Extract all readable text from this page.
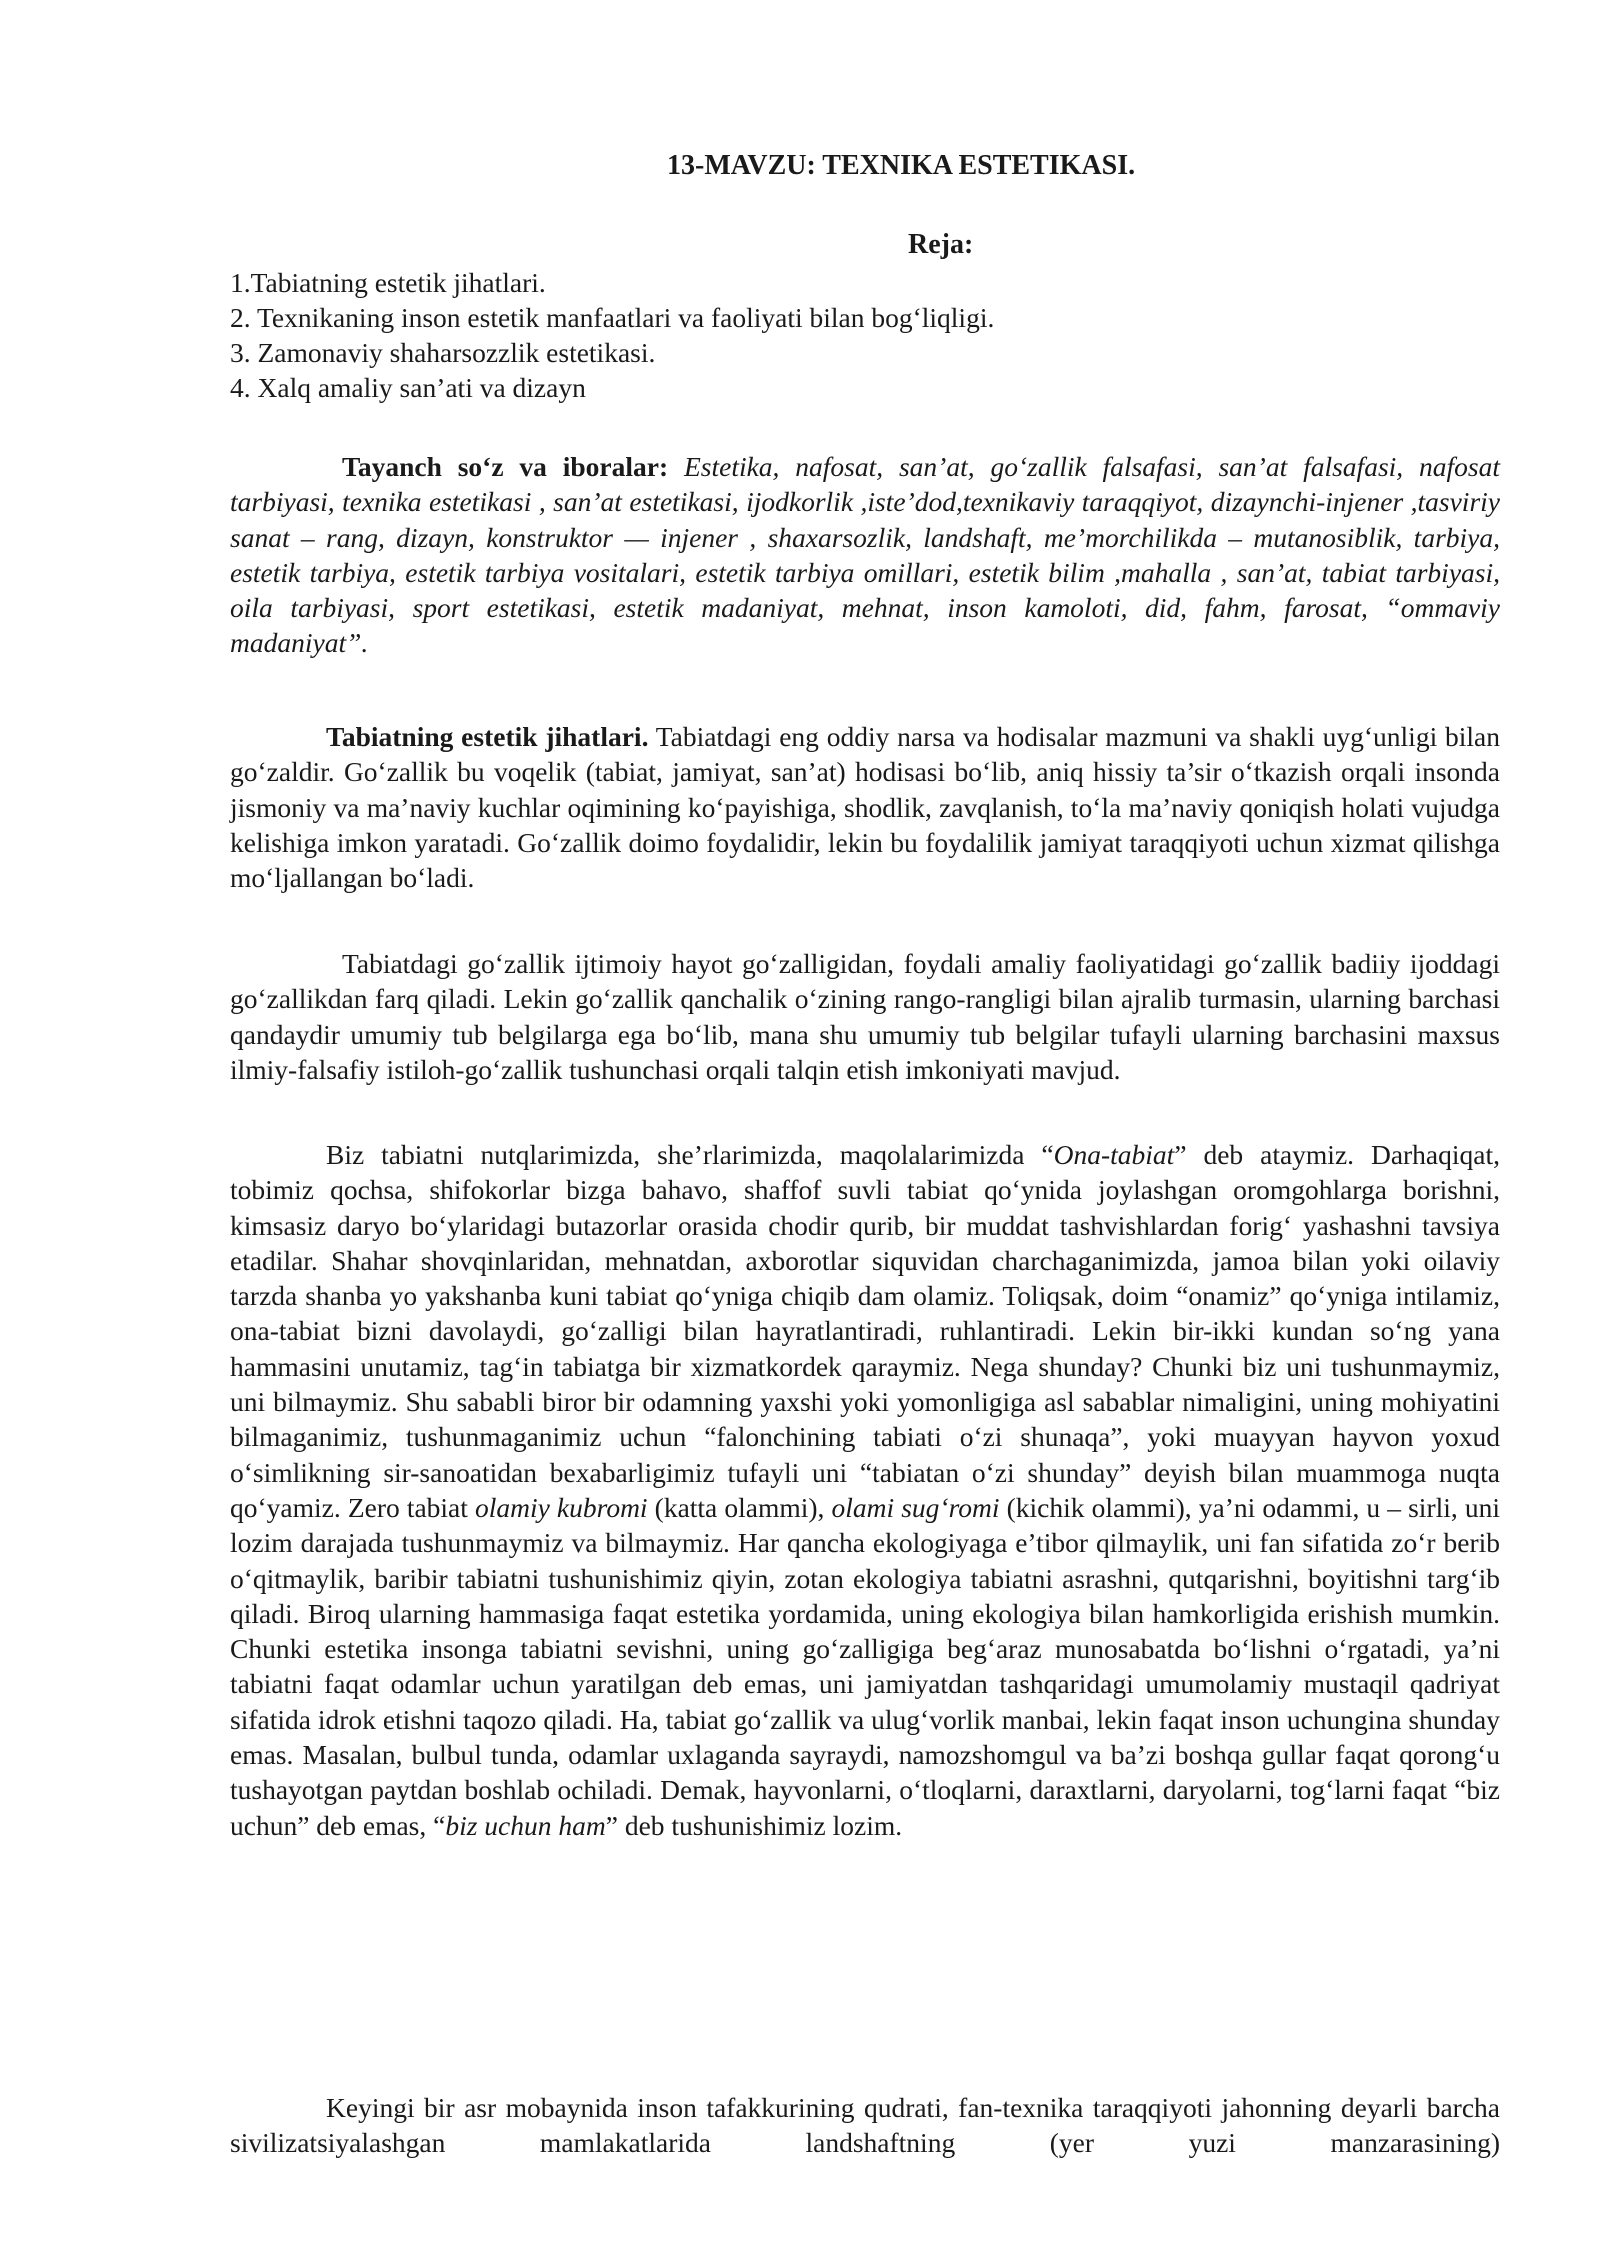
13-MAVZU: TEXNIKA ESTETIKASI.
Reja:
1.Tabiatning estetik jihatlari.
2. Texnikaning inson estetik manfaatlari va faoliyati bilan bog‘liqligi.
3. Zamonaviy shaharsozzlik estetikasi.
4. Xalq amaliy san’ati va dizayn
Tayanch so‘z va iboralar: Estetika, nafosat, san’at, go‘zallik falsafasi, san’at falsafasi, nafosat tarbiyasi, texnika estetikasi , san’at estetikasi, ijodkorlik ,iste’dod,texnikaviy taraqqiyot, dizaynchi-injener ,tasviriy sanat – rang, dizayn, konstruktor — injener , shaxarsozlik, landshaft, me’morchilikda – mutanosiblik, tarbiya, estetik tarbiya, estetik tarbiya vositalari, estetik tarbiya omillari, estetik bilim ,mahalla , san’at, tabiat tarbiyasi, oila tarbiyasi, sport estetikasi, estetik madaniyat, mehnat, inson kamoloti, did, fahm, farosat, “ommaviy madaniyat”.
Tabiatning estetik jihatlari. Tabiatdagi eng oddiy narsa va hodisalar mazmuni va shakli uyg‘unligi bilan go‘zaldir. Go‘zallik bu voqelik (tabiat, jamiyat, san’at) hodisasi bo‘lib, aniq hissiy ta’sir o‘tkazish orqali insonda jismoniy va ma’naviy kuchlar oqimining ko‘payishiga, shodlik, zavqlanish, to‘la ma’naviy qoniqish holati vujudga kelishiga imkon yaratadi. Go‘zallik doimo foydalidir, lekin bu foydalilik jamiyat taraqqiyoti uchun xizmat qilishga mo‘ljallangan bo‘ladi.
Tabiatdagi go‘zallik ijtimoiy hayot go‘zalligidan, foydali amaliy faoliyatidagi go‘zallik badiiy ijoddagi go‘zallikdan farq qiladi. Lekin go‘zallik qanchalik o‘zining rango-rangligi bilan ajralib turmasin, ularning barchasi qandaydir umumiy tub belgilarga ega bo‘lib, mana shu umumiy tub belgilar tufayli ularning barchasini maxsus ilmiy-falsafiy istiloh-go‘zallik tushunchasi orqali talqin etish imkoniyati mavjud.
Biz tabiatni nutqlarimizda, she’rlarimizda, maqolalarimizda “Ona-tabiat” deb ataymiz. Darhaqiqat, tobimiz qochsa, shifokorlar bizga bahavo, shaffof suvli tabiat qo‘ynida joylashgan oromgohlarga borishni, kimsasiz daryo bo‘ylaridagi butazorlar orasida chodir qurib, bir muddat tashvishlardan forig‘ yashashni tavsiya etadilar. Shahar shovqinlaridan, mehnatdan, axborotlar siquvidan charchaganimizda, jamoa bilan yoki oilaviy tarzda shanba yo yakshanba kuni tabiat qo‘yniga chiqib dam olamiz. Toliqsak, doim “onamiz” qo‘yniga intilamiz, ona-tabiat bizni davolaydi, go‘zalligi bilan hayratlantiradi, ruhlantiradi. Lekin bir-ikki kundan so‘ng yana hammasini unutamiz, tag‘in tabiatga bir xizmatkordek qaraymiz. Nega shunday? Chunki biz uni tushunmaymiz, uni bilmaymiz. Shu sababli biror bir odamning yaxshi yoki yomonligiga asl sabablar nimaligini, uning mohiyatini bilmaganimiz, tushunmaganimiz uchun “falonchining tabiati o‘zi shunaqa”, yoki muayyan hayvon yoxud o‘simlikning sir-sanoatidan bexabarligimiz tufayli uni “tabiatan o‘zi shunday” deyish bilan muammoga nuqta qo‘yamiz. Zero tabiat olamiy kubromi (katta olammi), olami sug‘romi (kichik olammi), ya’ni odammi, u – sirli, uni lozim darajada tushunmaymiz va bilmaymiz. Har qancha ekologiyaga e’tibor qilmaylik, uni fan sifatida zo‘r berib o‘qitmaylik, baribir tabiatni tushunishimiz qiyin, zotan ekologiya tabiatni asrashni, qutqarishni, boyitishni targ‘ib qiladi. Biroq ularning hammasiga faqat estetika yordamida, uning ekologiya bilan hamkorligida erishish mumkin. Chunki estetika insonga tabiatni sevishni, uning go‘zalligiga beg‘araz munosabatda bo‘lishni o‘rgatadi, ya’ni tabiatni faqat odamlar uchun yaratilgan deb emas, uni jamiyatdan tashqaridagi umumolamiy mustaqil qadriyat sifatida idrok etishni taqozo qiladi. Ha, tabiat go‘zallik va ulug‘vorlik manbai, lekin faqat inson uchungina shunday emas. Masalan, bulbul tunda, odamlar uxlaganda sayraydi, namozshomgul va ba’zi boshqa gullar faqat qorong‘u tushayotgan paytdan boshlab ochiladi. Demak, hayvonlarni, o‘tloqlarni, daraxtlarni, daryolarni, tog‘larni faqat “biz uchun” deb emas, “biz uchun ham” deb tushunishimiz lozim.
Keyingi bir asr mobaynida inson tafakkurining qudrati, fan-texnika taraqqiyoti jahonning deyarli barcha sivilizatsiyalashgan mamlakatlarida landshaftning (yer yuzi manzarasining)
